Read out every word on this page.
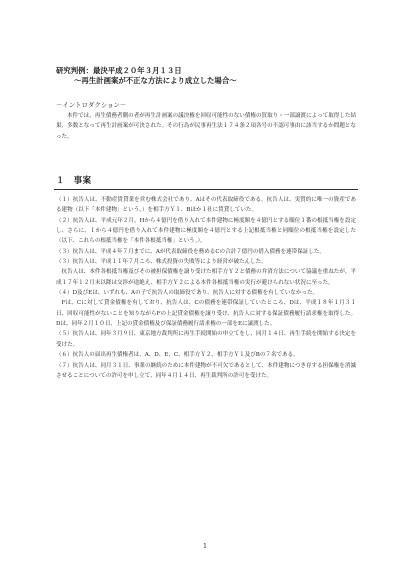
研究判例：最決平成２０年３月１３日
〜再生計画案が不正な方法により成立した場合〜
－イントロダクション－

本件では、再生債務者側の者が再生計画案の議決権を回収可能性のない債権の買取り・一部譲渡によって取得した結果、多数となって再生計画案が可決された。その行為が民事再生法１７４条２項各号の不認可事由に該当するか問題となった。

１　事案

（１）抗告人は、不動産賃貸業を営む株式会社であり、Aはその代表取締役である。抗告人は、実質的に唯一の資産である建物（以下「本件建物」という。）を相手方Ｙ１、Bほか１社に賃貸していた。

（２）抗告人は、平成元年２月、Hから４億円を借り入れて本件建物に極度額を４億円とする順位１番の根抵当権を設定し、さらに、Ｉから４億円を借り入れて本件建物に極度額を４億円とする上記根抵当権と同順位の根抵当権を設定した（以下、これらの根抵当権を「本件各根抵当権」という。）。

（３）抗告人は、平成４年７月までに、Aが代表取締役を務めるCの合計７億円の借入債務を連帯保証した。

（３）抗告人は、平成１１年７月ころ、株式投資の失敗等により経営が破たんした。

　抗告人は、本件各根抵当権及びその被担保債権を譲り受けた相手方Ｙ２と債務の弁済方法について協議を重ねたが、平成１７年１２月末以降は交渉が途絶え、相手方Ｙ２による本件各根抵当権の実行が避けられない状況に至った。

（４）D及びEは、いずれも、Aの子で抗告人の取締役であり、抗告人に対する債権を有していなかった。

　Fは、Cに対して貸金債権を有しており、抗告人は、Cの債務を連帯保証していたところ、Dは、平成１８年１月３１日、回収可能性がないことを知りながらFの上記貸金債権を譲り受け、抗告人に対する保証債務履行請求権を取得した。Dは、同年２月１０日、上記の貸金債権及び保証債務履行請求権の一部をEに譲渡した。

（５）抗告人は、同年３月９日、東京地方裁判所に再生手続開始の申立てをし、同月１４日、再生手続を開始する決定を受けた。

（６）抗告人の届出再生債権者は、A、D、E、C、相手方Ｙ２、相手方Ｙ１及びBの７名である。

（７）抗告人は、同月３１日、事業の継続のために本件建物が不可欠であるとして、本件建物につき存する担保権を消滅させることについての許可を申し立て、同年４月１４日、再生裁判所の許可を受けた。

1
